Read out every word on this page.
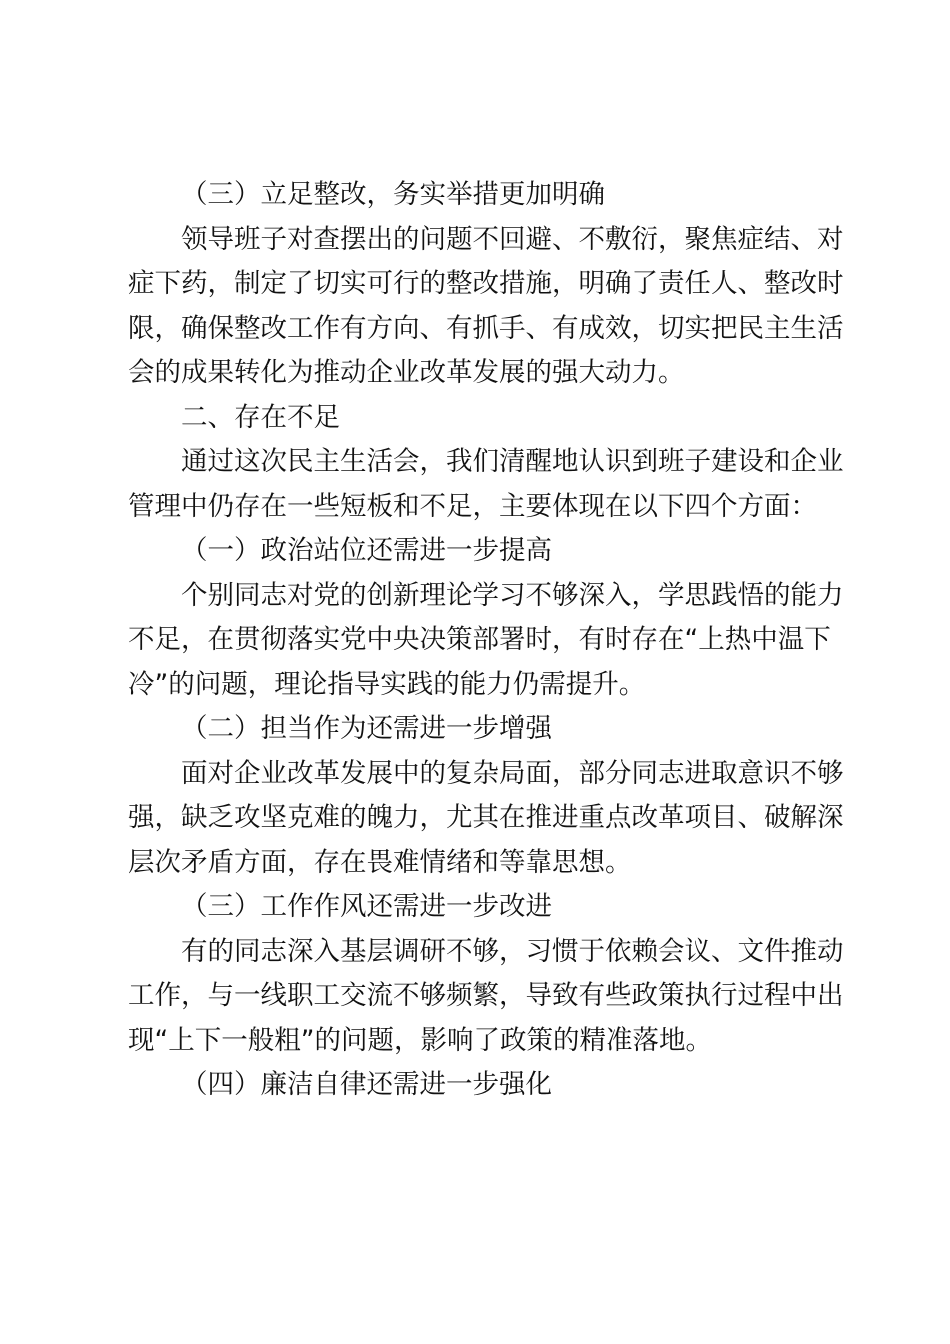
（三）立足整改，务实举措更加明确

领导班子对查摆出的问题不回避、不敷衍，聚焦症结、对
症下药，制定了切实可行的整改措施，明确了责任人、整改时
限，确保整改工作有方向、有抓手、有成效，切实把民主生活
会的成果转化为推动企业改革发展的强大动力。

二、存在不足

通过这次民主生活会，我们清醒地认识到班子建设和企业
管理中仍存在一些短板和不足，主要体现在以下四个方面：

（一）政治站位还需进一步提高

个别同志对党的创新理论学习不够深入，学思践悟的能力
不足，在贯彻落实党中央决策部署时，有时存在“上热中温下
冷”的问题，理论指导实践的能力仍需提升。

（二）担当作为还需进一步增强

面对企业改革发展中的复杂局面，部分同志进取意识不够
强，缺乏攻坚克难的魄力，尤其在推进重点改革项目、破解深
层次矛盾方面，存在畏难情绪和等靠思想。

（三）工作作风还需进一步改进

有的同志深入基层调研不够，习惯于依赖会议、文件推动
工作，与一线职工交流不够频繁，导致有些政策执行过程中出
现“上下一般粗”的问题，影响了政策的精准落地。

（四）廉洁自律还需进一步强化
